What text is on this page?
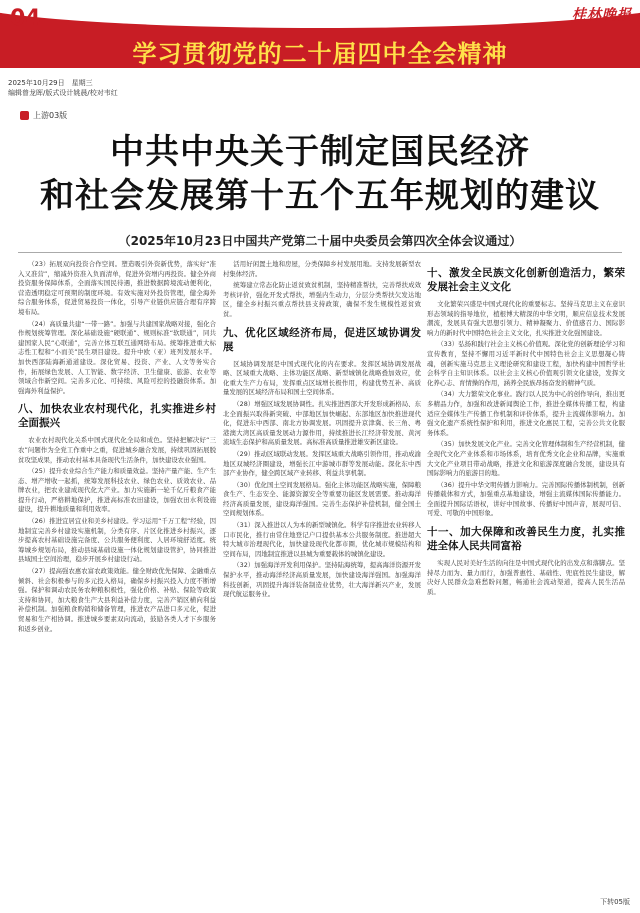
04	桂林晚报
学习贯彻党的二十届四中全会精神
2025年10月29日　星期三
编辑曾龙晖/版式设计姚晨/校对韦红
上游03版
中共中央关于制定国民经济
和社会发展第十五个五年规划的建议
（2025年10月23日中国共产党第二十届中央委员会第四次全体会议通过）

（23）拓展双向投资合作空间。塑造吸引外资新优势，落实好“准入又准营”，缩减外资准入负面清单，促进外资增内再投资。健全外商投资服务保障体系，全面落实国民待遇，推进数据跨境流动便利化，营造透明稳定可预期的制度环境。有效实施对外投资管理，健全海外综合服务体系，促进贸易投资一体化，引导产业链供应链合理有序跨境布局。

（24）高质量共建“一带一路”。加强与共建国家战略对接，强化合作规划统筹管理。深化基础设施“硬联通”、规则标准“软联通”，同共建国家人民“心联通”，完善立体互联互通网络布局。统筹推进重大标志性工程和“小而美”民生项目建设。提升中欧（亚）班列发展水平。加快西部陆海新通道建设。深化贸易、投资、产业、人文等务实合作，拓展绿色发展、人工智能、数字经济、卫生健康、旅游、农业等领域合作新空间。完善多元化、可持续、风险可控的投融资体系。加强海外利益保护。

八、加快农业农村现代化，扎实推进乡村全面振兴

农业农村现代化关系中国式现代化全局和成色。坚持把解决好“三农”问题作为全党工作重中之重，促进城乡融合发展，持续巩固拓展脱贫攻坚成果，推动农村基本具备现代生活条件，加快建设农业强国。

（25）提升农业综合生产能力和质量效益。坚持产量产能、生产生态、增产增收一起抓，统筹发展科技农业、绿色农业、质效农业、品牌农业，把农业建成现代化大产业。加力实施新一轮千亿斤粮食产能提升行动，严格耕地保护，推进高标准农田建设，加强农田水利设施建设，提升耕地质量和利用效率。

（26）推进宜居宜业和美乡村建设。学习运用“千万工程”经验，因地制宜完善乡村建设实施机制，分类有序、片区化推进乡村振兴，逐步提高农村基础设施完备度、公共服务便利度、人居环境舒适度。统筹城乡规划布局，推动县域基础设施一体化规划建设管护，协同推进县域国土空间治理，稳步开展乡村建设行动。

（27）提高强农惠农富农政策效能。健全财政优先保障、金融重点倾斜、社会积极参与的多元投入格局，确保乡村振兴投入力度不断增强。保护和调动农民务农种粮积极性，强化价格、补贴、保险等政策支持和协同，加大粮食生产大县利益补偿力度，完善产销区横向利益补偿机制。加强粮食购销和储备管理，推进农产品进口多元化，促进贸易和生产相协调。推进城乡要素双向流动，鼓励各类人才下乡服务和返乡创业。

活用好闲置土地和房屋，分类保障乡村发展用地。支持发展新型农村集体经济。

统筹建立常态化防止返贫致贫机制，坚持精准帮扶，完善帮扶成效考核评价，强化开发式帮扶，增强内生动力，分层分类帮扶欠发达地区，健全乡村振兴重点帮扶县支持政策，确保不发生规模性返贫致贫。

九、优化区域经济布局，促进区域协调发展

区域协调发展是中国式现代化的内在要求。发挥区域协调发展战略、区域重大战略、主体功能区战略、新型城镇化战略叠加效应，优化重大生产力布局，发挥重点区域增长极作用，构建优势互补、高质量发展的区域经济布局和国土空间体系。

（28）增强区域发展协调性。扎实推进西部大开发形成新格局、东北全面振兴取得新突破、中部地区加快崛起、东部地区加快推进现代化，促进东中西部、南北方协调发展。巩固提升京津冀、长三角、粤港澳大湾区高质量发展动力源作用，持续推进长江经济带发展、黄河流域生态保护和高质量发展。高标准高质量推进雄安新区建设。

（29）推动区域联动发展。发挥区域重大战略引领作用，推动成渝地区双城经济圈建设，增强长江中游城市群等发展动能。深化东中西部产业协作，健全跨区域产业转移、利益共享机制。

（30）优化国土空间发展格局。强化主体功能区战略实施，保障粮食生产、生态安全、能源资源安全等重要功能区发展需要。推动海洋经济高质量发展，建设海洋强国。完善生态保护补偿机制，健全国土空间规划体系。

（31）深入推进以人为本的新型城镇化。科学有序推进农业转移人口市民化，推行由常住地登记户口提供基本公共服务制度。推进超大特大城市治理现代化，加快建设现代化都市圈，优化城市规模结构和空间布局，因地制宜推进以县城为重要载体的城镇化建设。

（32）加强海洋开发利用保护。坚持陆海统筹，提高海洋资源开发保护水平，推动海洋经济高质量发展，加快建设海洋强国。加强海洋科技创新，巩固提升海洋装备制造业优势，壮大海洋新兴产业，发展现代航运服务业。

十、激发全民族文化创新创造活力，繁荣发展社会主义文化

文化繁荣兴盛是中国式现代化的重要标志。坚持马克思主义在意识形态领域的指导地位，植根博大精深的中华文明，顺应信息技术发展潮流，发展具有强大思想引领力、精神凝聚力、价值感召力、国际影响力的新时代中国特色社会主义文化，扎实推进文化强国建设。

（33）弘扬和践行社会主义核心价值观。深化党的创新理论学习和宣传教育，坚持不懈用习近平新时代中国特色社会主义思想凝心铸魂，创新实施马克思主义理论研究和建设工程，加快构建中国哲学社会科学自主知识体系。以社会主义核心价值观引领文化建设，发挥文化养心志、育情操的作用，涵养全民族昂扬奋发的精神气质。

（34）大力繁荣文化事业。践行以人民为中心的创作导向，推出更多精品力作，加强和改进新闻舆论工作，推进全媒体传播工程，构建适应全媒体生产传播工作机制和评价体系，提升主流媒体影响力。加强文化遗产系统性保护和利用，推进文化惠民工程，完善公共文化服务体系。

（35）加快发展文化产业。完善文化管理体制和生产经营机制，健全现代文化产业体系和市场体系，培育优秀文化企业和品牌，实施重大文化产业项目带动战略，推进文化和旅游深度融合发展，建设具有国际影响力的旅游目的地。

（36）提升中华文明传播力影响力。完善国际传播体制机制，创新传播载体和方式，加强重点基地建设，增强主流媒体国际传播能力。全面提升国际话语权，讲好中国故事、传播好中国声音，展现可信、可爱、可敬的中国形象。

十一、加大保障和改善民生力度，扎实推进全体人民共同富裕

实现人民对美好生活的向往是中国式现代化的出发点和落脚点。坚持尽力而为、量力而行，加强普惠性、基础性、兜底性民生建设，解决好人民群众急难愁盼问题，畅通社会流动渠道，提高人民生活品质。

下转05版
